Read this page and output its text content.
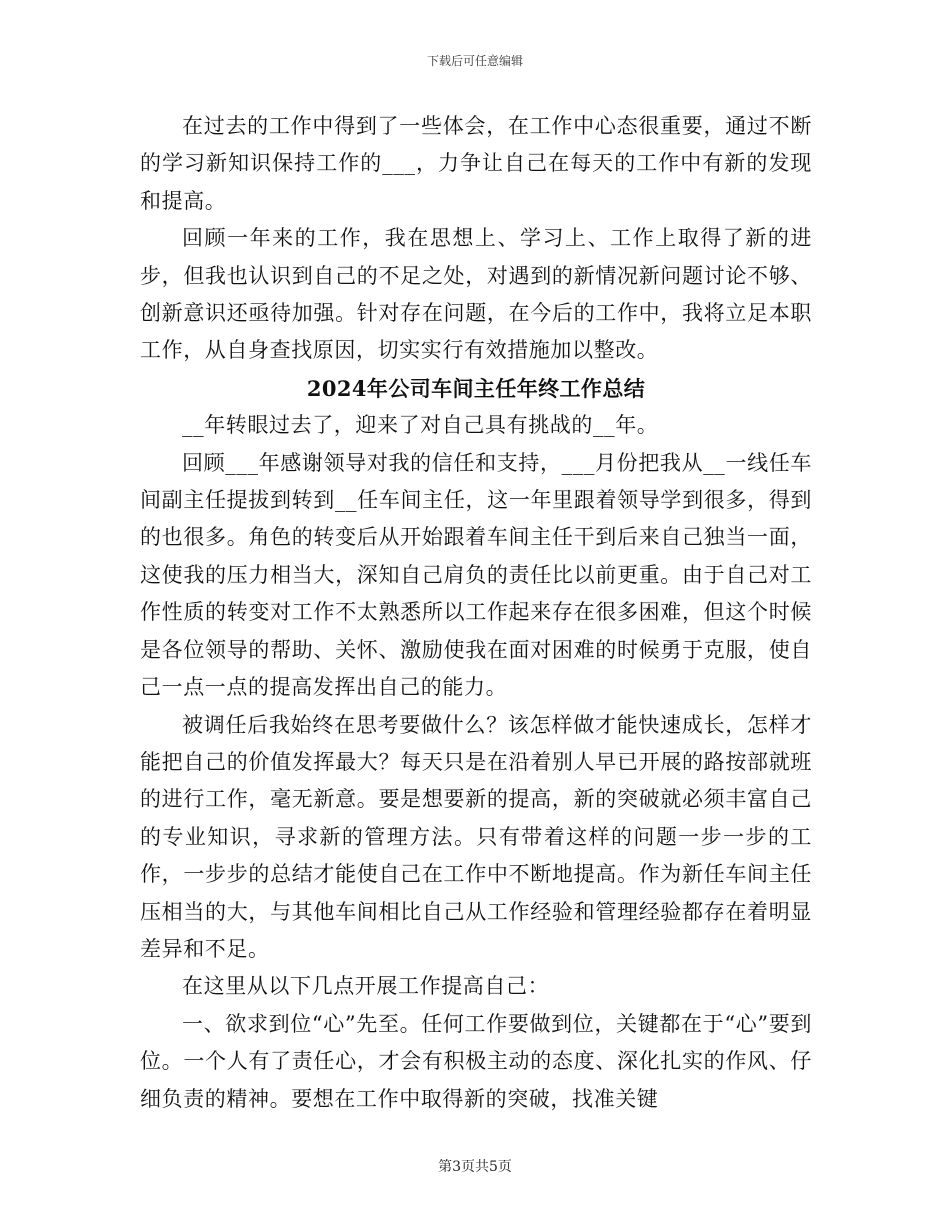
下载后可任意编辑

在过去的工作中得到了一些体会，在工作中心态很重要，通过不断的学习新知识保持工作的___，力争让自己在每天的工作中有新的发现和提高。

回顾一年来的工作，我在思想上、学习上、工作上取得了新的进步，但我也认识到自己的不足之处，对遇到的新情况新问题讨论不够、创新意识还亟待加强。针对存在问题，在今后的工作中，我将立足本职工作，从自身查找原因，切实实行有效措施加以整改。

2024年公司车间主任年终工作总结

__年转眼过去了，迎来了对自己具有挑战的__年。

回顾___年感谢领导对我的信任和支持，___月份把我从__一线任车间副主任提拔到转到__任车间主任，这一年里跟着领导学到很多，得到的也很多。角色的转变后从开始跟着车间主任干到后来自己独当一面，这使我的压力相当大，深知自己肩负的责任比以前更重。由于自己对工作性质的转变对工作不太熟悉所以工作起来存在很多困难，但这个时候是各位领导的帮助、关怀、激励使我在面对困难的时候勇于克服，使自己一点一点的提高发挥出自己的能力。

被调任后我始终在思考要做什么？该怎样做才能快速成长，怎样才能把自己的价值发挥最大？每天只是在沿着别人早已开展的路按部就班的进行工作，毫无新意。要是想要新的提高，新的突破就必须丰富自己的专业知识，寻求新的管理方法。只有带着这样的问题一步一步的工作，一步步的总结才能使自己在工作中不断地提高。作为新任车间主任压相当的大，与其他车间相比自己从工作经验和管理经验都存在着明显差异和不足。

在这里从以下几点开展工作提高自己：

一、欲求到位“心”先至。任何工作要做到位，关键都在于“心”要到位。一个人有了责任心，才会有积极主动的态度、深化扎实的作风、仔细负责的精神。要想在工作中取得新的突破，找准关键

第3页共5页
